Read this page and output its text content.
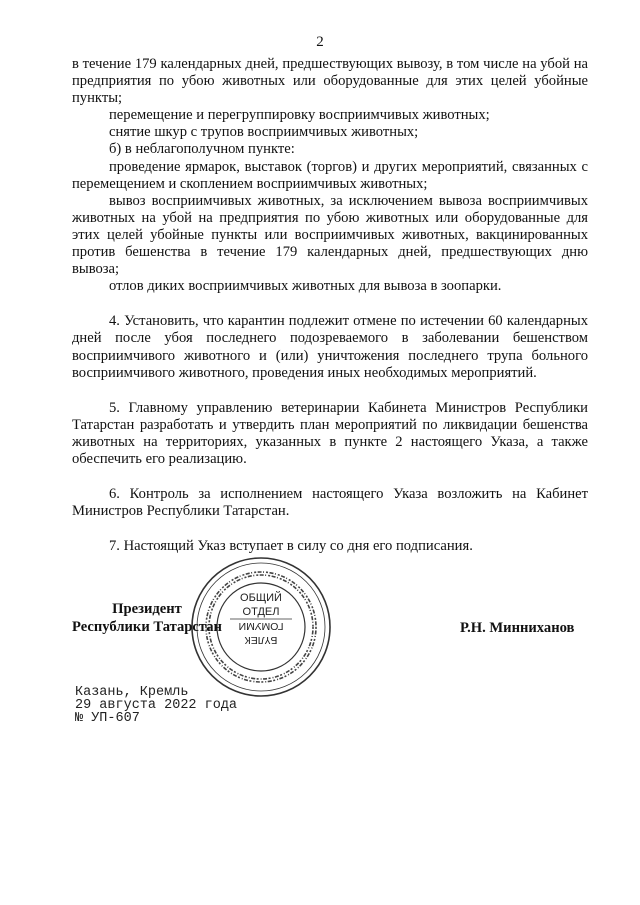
2

в течение 179 календарных дней, предшествующих вывозу, в том числе на убой на предприятия по убою животных или оборудованные для этих целей убойные пункты;

перемещение и перегруппировку восприимчивых животных;

снятие шкур с трупов восприимчивых животных;

б) в неблагополучном пункте:

проведение ярмарок, выставок (торгов) и других мероприятий, связанных с перемещением и скоплением восприимчивых животных;

вывоз восприимчивых животных, за исключением вывоза восприимчивых животных на убой на предприятия по убою животных или оборудованные для этих целей убойные пункты или восприимчивых животных, вакцинированных против бешенства в течение 179 календарных дней, предшествующих дню вывоза;

отлов диких восприимчивых животных для вывоза в зоопарки.

4. Установить, что карантин подлежит отмене по истечении 60 календарных дней после убоя последнего подозреваемого в заболевании бешенством восприимчивого животного и (или) уничтожения последнего трупа больного восприимчивого животного, проведения иных необходимых мероприятий.

5. Главному управлению ветеринарии Кабинета Министров Республики Татарстан разработать и утвердить план мероприятий по ликвидации бешенства животных на территориях, указанных в пункте 2 настоящего Указа, а также обеспечить его реализацию.

6. Контроль за исполнением настоящего Указа возложить на Кабинет Министров Республики Татарстан.

7. Настоящий Указ вступает в силу со дня его подписания.

ОБЩИЙ
ОТДЕЛ
БҮЛЕК
ГОМУМИ
Президент
Республики Татарстан	Р.Н. Минниханов
Казань, Кремль
29 августа 2022 года
№ УП-607
